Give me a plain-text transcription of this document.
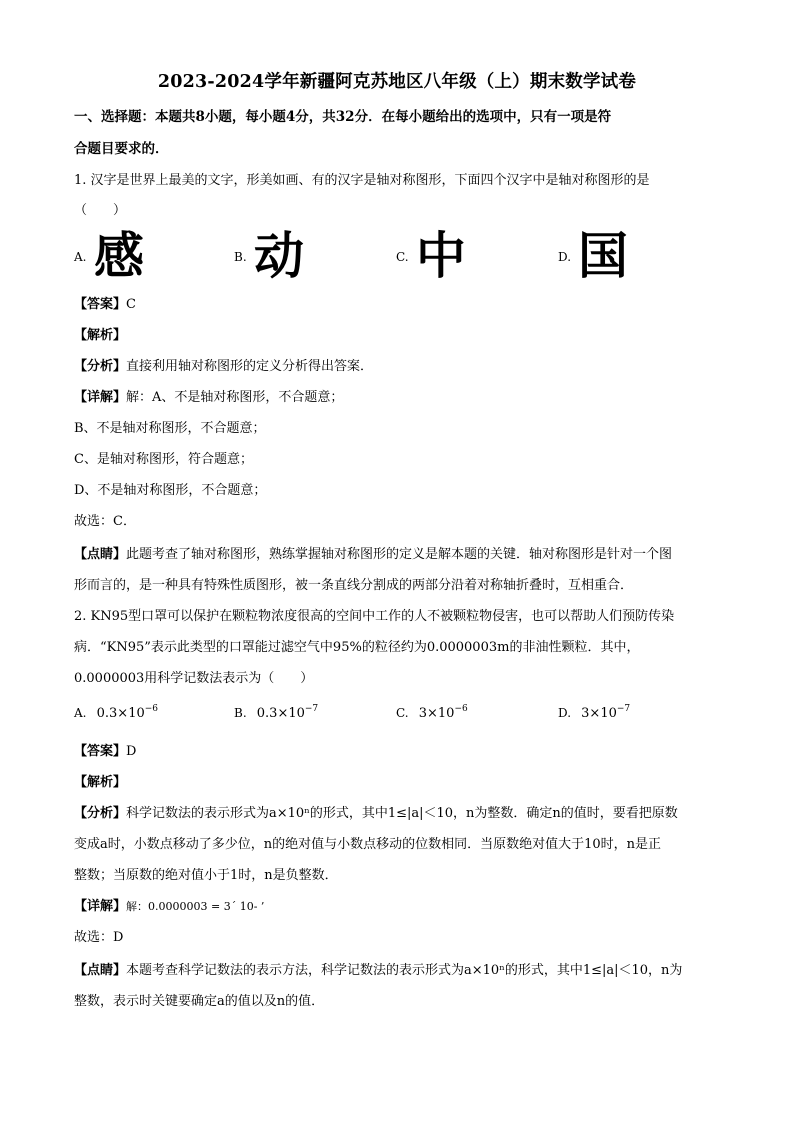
2023-2024学年新疆阿克苏地区八年级（上）期末数学试卷
一、选择题：本题共8小题，每小题4分，共32分．在每小题给出的选项中，只有一项是符
合题目要求的．
1. 汉字是世界上最美的文字，形美如画、有的汉字是轴对称图形，下面四个汉字中是轴对称图形的是
（　　）
A. 感	B. 动	C. 中	D. 国
【答案】C
【解析】
【分析】直接利用轴对称图形的定义分析得出答案．
【详解】解：A、不是轴对称图形，不合题意；
B、不是轴对称图形，不合题意；
C、是轴对称图形，符合题意；
D、不是轴对称图形，不合题意；
故选：C．
【点睛】此题考查了轴对称图形，熟练掌握轴对称图形的定义是解本题的关键．轴对称图形是针对一个图
形而言的，是一种具有特殊性质图形，被一条直线分割成的两部分沿着对称轴折叠时，互相重合．
2. KN95型口罩可以保护在颗粒物浓度很高的空间中工作的人不被颗粒物侵害，也可以帮助人们预防传染
病．“KN95”表示此类型的口罩能过滤空气中95%的粒径约为0.0000003m的非油性颗粒．其中，
0.0000003用科学记数法表示为（　　）
A. $0.3\times 10^{-6}$	B. $0.3\times 10^{-7}$	C. $3\times 10^{-6}$	D. $3\times 10^{-7}$
【答案】D
【解析】
【分析】科学记数法的表示形式为a×10ⁿ的形式，其中1≤|a|＜10，n为整数．确定n的值时，要看把原数
变成a时，小数点移动了多少位，n的绝对值与小数点移动的位数相同．当原数绝对值大于10时，n是正
整数；当原数的绝对值小于1时，n是负整数．
【详解】解：0.0000003 = 3´ 10- ’
故选：D
【点睛】本题考查科学记数法的表示方法，科学记数法的表示形式为a×10ⁿ的形式，其中1≤|a|＜10，n为
整数，表示时关键要确定a的值以及n的值．
